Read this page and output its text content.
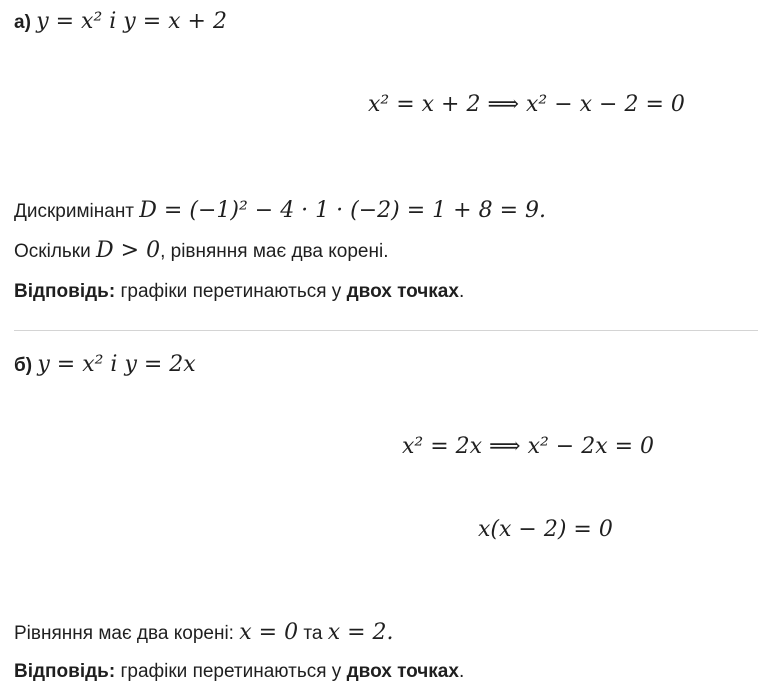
а) y = x² і y = x + 2
x² = x + 2 ⟹ x² − x − 2 = 0
Дискримінант D = (−1)² − 4 · 1 · (−2) = 1 + 8 = 9.
Оскільки D > 0, рівняння має два корені.
Відповідь: графіки перетинаються у двох точках.
б) y = x² і y = 2x
x² = 2x ⟹ x² − 2x = 0
x(x − 2) = 0
Рівняння має два корені: x = 0 та x = 2.
Відповідь: графіки перетинаються у двох точках.
